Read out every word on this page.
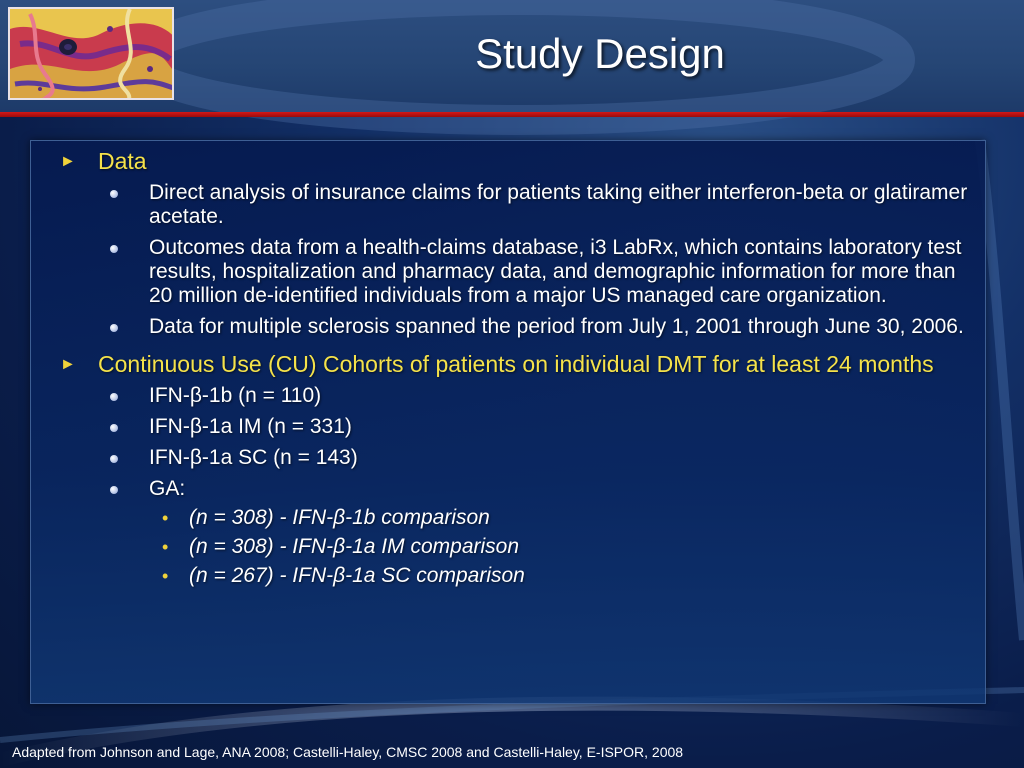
Study Design
► Data
Direct analysis of insurance claims for patients taking either interferon-beta or glatiramer acetate.
Outcomes data from a health-claims database, i3 LabRx, which contains laboratory test results, hospitalization and pharmacy data, and demographic information for more than 20 million de-identified individuals from a major US managed care organization.
Data for multiple sclerosis spanned the period from July 1, 2001 through June 30, 2006.
► Continuous Use (CU) Cohorts of patients on individual DMT for at least 24 months
IFN-β-1b (n = 110)
IFN-β-1a IM (n = 331)
IFN-β-1a SC (n = 143)
GA:
• (n = 308) - IFN-β-1b comparison
• (n = 308) - IFN-β-1a IM comparison
• (n = 267) - IFN-β-1a SC comparison
Adapted from Johnson and Lage, ANA 2008; Castelli-Haley, CMSC 2008 and Castelli-Haley, E-ISPOR, 2008
